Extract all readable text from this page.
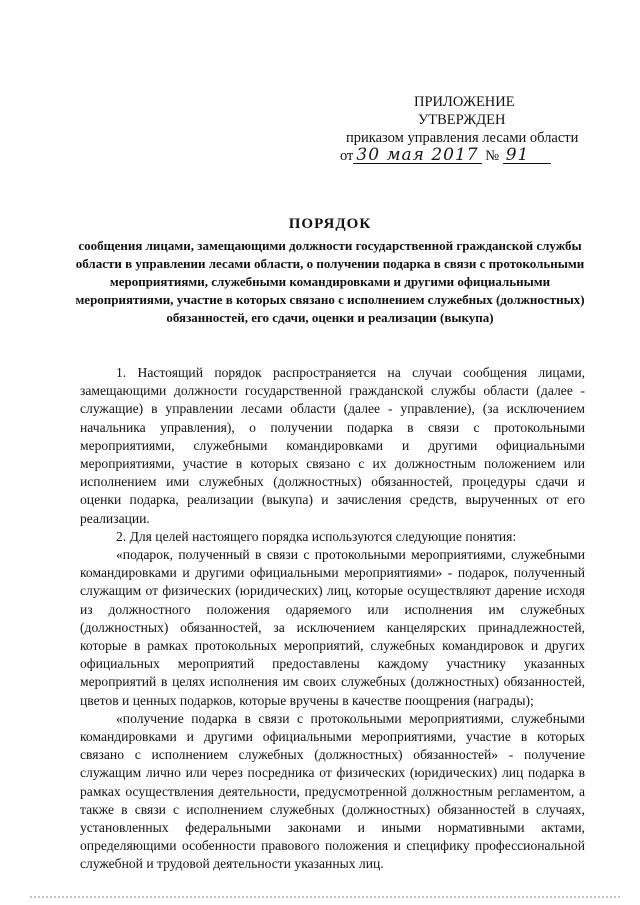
ПРИЛОЖЕНИЕ
УТВЕРЖДЕН
приказом управления лесами области
от 30 мая 2017 № 91
ПОРЯДОК
сообщения лицами, замещающими должности государственной гражданской службы области в управлении лесами области, о получении подарка в связи с протокольными мероприятиями, служебными командировками и другими официальными мероприятиями, участие в которых связано с исполнением служебных (должностных) обязанностей, его сдачи, оценки и реализации (выкупа)

1. Настоящий порядок распространяется на случаи сообщения лицами, замещающими должности государственной гражданской службы области (далее - служащие) в управлении лесами области (далее - управление), (за исключением начальника управления), о получении подарка в связи с протокольными мероприятиями, служебными командировками и другими официальными мероприятиями, участие в которых связано с их должностным положением или исполнением ими служебных (должностных) обязанностей, процедуры сдачи и оценки подарка, реализации (выкупа) и зачисления средств, вырученных от его реализации.

2. Для целей настоящего порядка используются следующие понятия:

«подарок, полученный в связи с протокольными мероприятиями, служебными командировками и другими официальными мероприятиями» - подарок, полученный служащим от физических (юридических) лиц, которые осуществляют дарение исходя из должностного положения одаряемого или исполнения им служебных (должностных) обязанностей, за исключением канцелярских принадлежностей, которые в рамках протокольных мероприятий, служебных командировок и других официальных мероприятий предоставлены каждому участнику указанных мероприятий в целях исполнения им своих служебных (должностных) обязанностей, цветов и ценных подарков, которые вручены в качестве поощрения (награды);

«получение подарка в связи с протокольными мероприятиями, служебными командировками и другими официальными мероприятиями, участие в которых связано с исполнением служебных (должностных) обязанностей» - получение служащим лично или через посредника от физических (юридических) лиц подарка в рамках осуществления деятельности, предусмотренной должностным регламентом, а также в связи с исполнением служебных (должностных) обязанностей в случаях, установленных федеральными законами и иными нормативными актами, определяющими особенности правового положения и специфику профессиональной служебной и трудовой деятельности указанных лиц.
